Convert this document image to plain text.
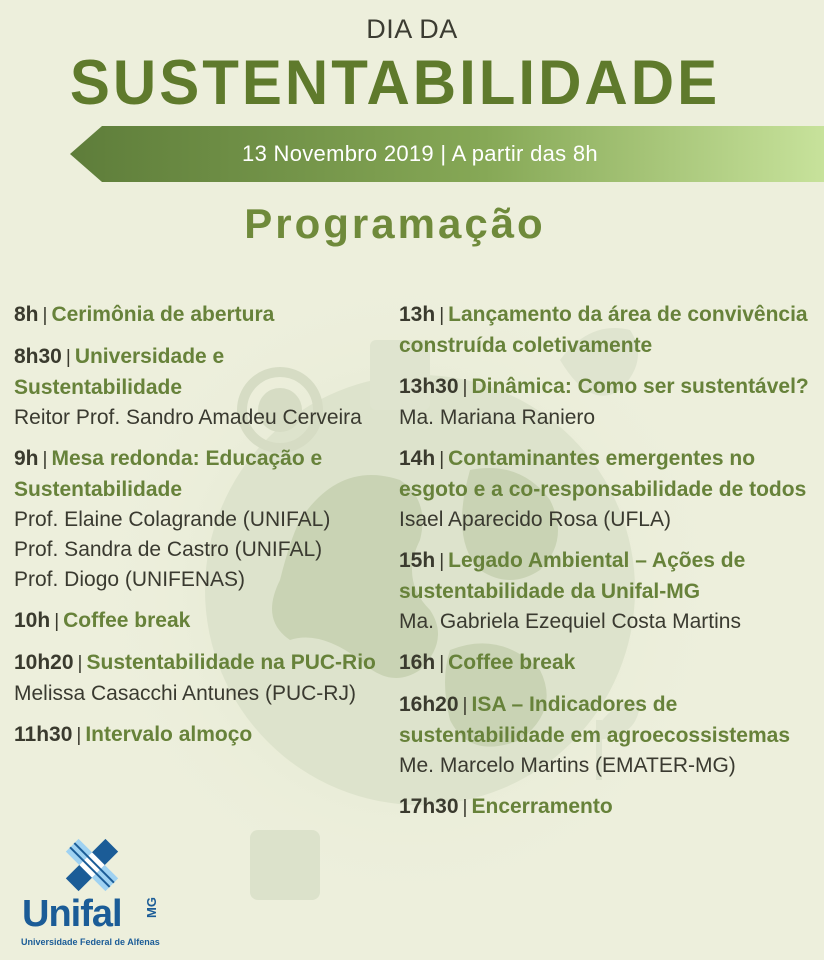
DIA DA
SUSTENTABILIDADE
13 Novembro 2019 | A partir das 8h
Programação
8h | Cerimônia de abertura
8h30 | Universidade e Sustentabilidade
Reitor Prof. Sandro Amadeu Cerveira
9h | Mesa redonda: Educação e Sustentabilidade
Prof. Elaine Colagrande (UNIFAL)
Prof. Sandra de Castro (UNIFAL)
Prof. Diogo (UNIFENAS)
10h | Coffee break
10h20 | Sustentabilidade na PUC-Rio
Melissa Casacchi Antunes (PUC-RJ)
11h30 | Intervalo almoço
13h | Lançamento da área de convivência construída coletivamente
13h30 | Dinâmica: Como ser sustentável?
Ma. Mariana Raniero
14h | Contaminantes emergentes no esgoto e a co-responsabilidade de todos
Isael Aparecido Rosa (UFLA)
15h | Legado Ambiental – Ações de sustentabilidade da Unifal-MG
Ma. Gabriela Ezequiel Costa Martins
16h | Coffee break
16h20 | ISA – Indicadores de sustentabilidade em agroecossistemas
Me. Marcelo Martins (EMATER-MG)
17h30 | Encerramento
Unifal MG
Universidade Federal de Alfenas
